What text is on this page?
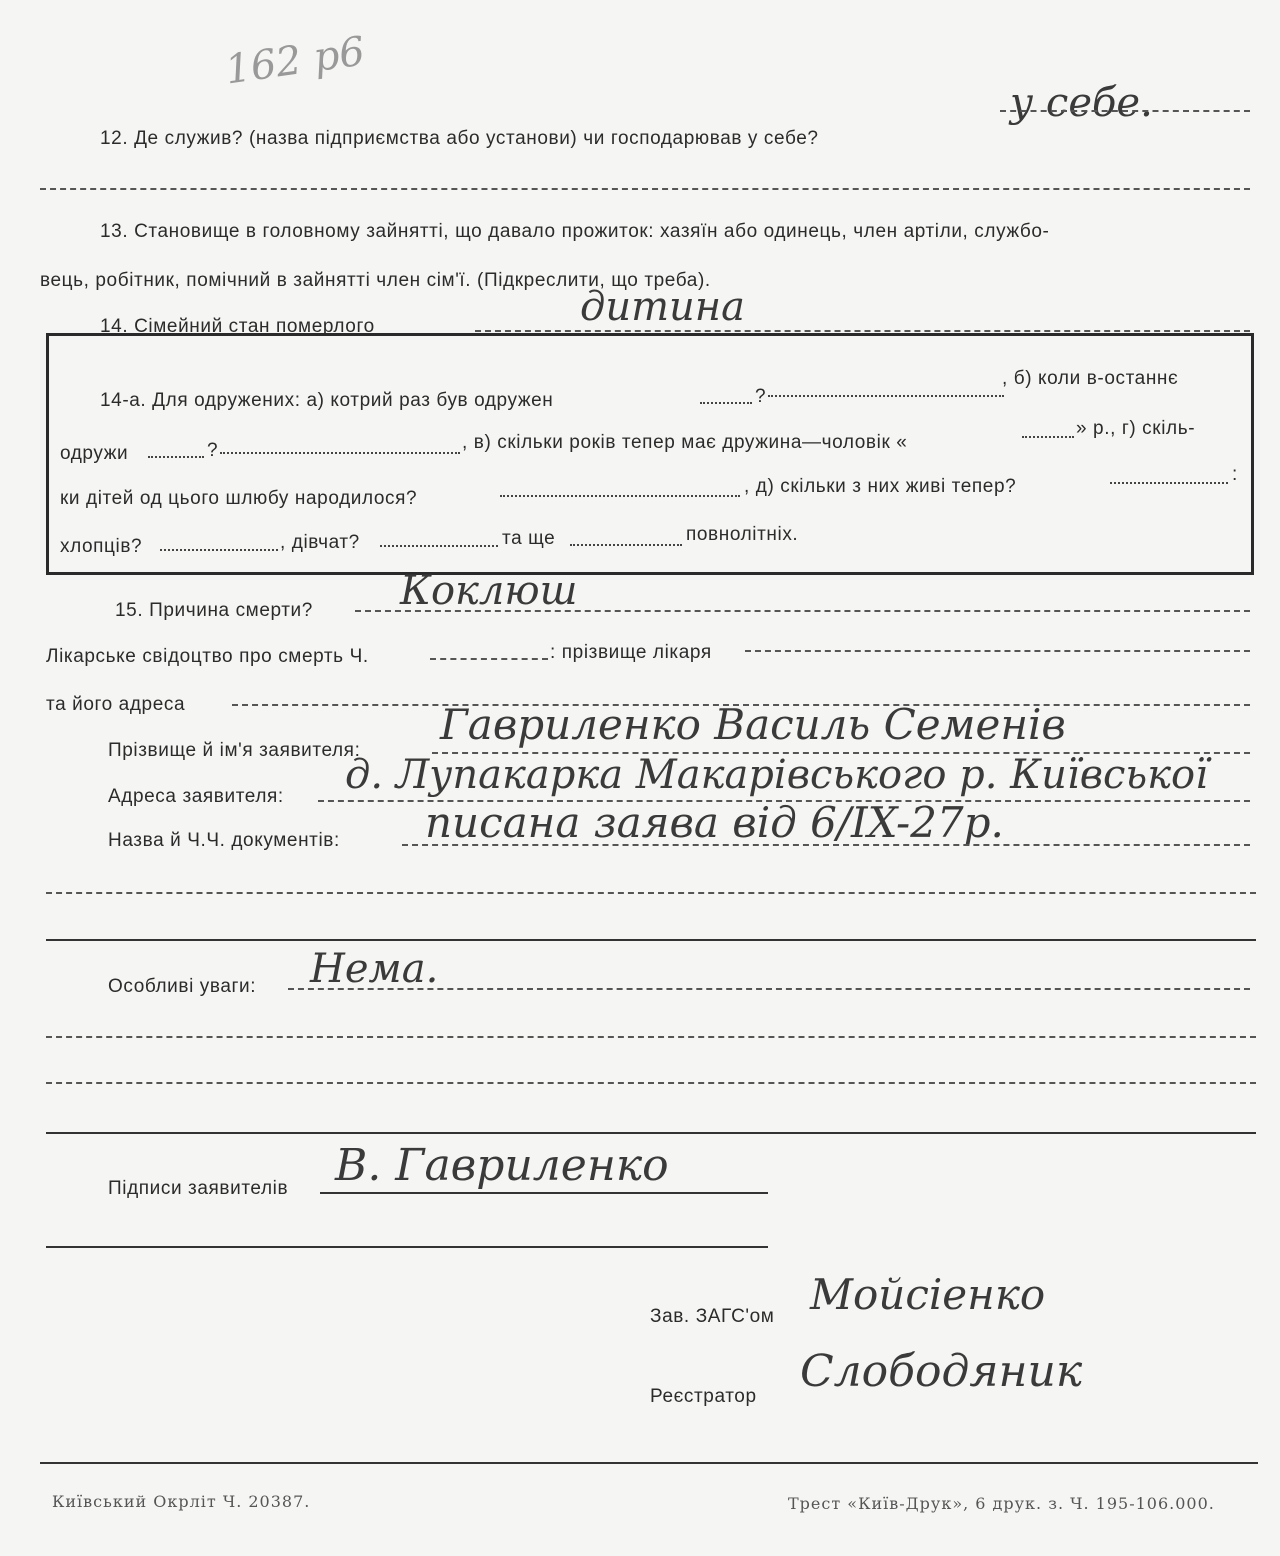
162 р6
12. Де служив? (назва підприємства або установи) чи господарював у себе?
у себе.
13. Становище в головному зайнятті, що давало прожиток: хазяїн або одинець, член артіли, службо-
вець, робітник, помічний в зайнятті член сім'ї. (Підкреслити, що треба).
14. Сімейний стан померлого	дитина
14-а. Для одружених: а) котрий раз був одружен	?
, б) коли в-останнє
одружи	?	, в) скільки років тепер має дружина—чоловік «
» р., г) скіль-
ки дітей од цього шлюбу народилося?
, д) скільки з них живі тепер?
:
хлопців?	, дівчат?	та ще	повнолітніх.
15. Причина смерти? Коклюш
Лікарське свідоцтво про смерть Ч.	: прізвище лікаря
та його адреса
Прізвище й ім'я заявителя:
Гавриленко Василь Семенів
Адреса заявителя: д. Лупакарка Макарівського р. Київської
Назва й Ч.Ч. документів: писана заява від 6/IX-27р.
Особливі уваги: Нема.
Підписи заявителів В. Гавриленко
Зав. ЗАГС'ом Мойсіенко
Реєстратор Слободяник
Київський Окрліт Ч. 20387.	Трест «Київ-Друк», 6 друк. з. Ч. 195-106.000.
